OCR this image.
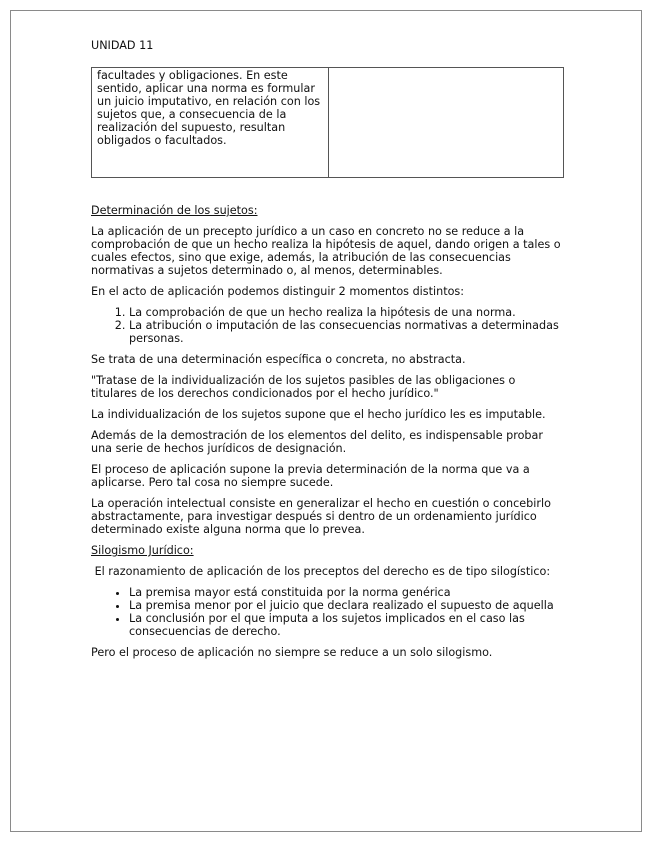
UNIDAD 11
facultades y obligaciones. En este sentido, aplicar una norma es formular un juicio imputativo, en relación con los sujetos que, a consecuencia de la realización del supuesto, resultan obligados o facultados.	
Determinación de los sujetos:

La aplicación de un precepto jurídico a un caso en concreto no se reduce a la comprobación de que un hecho realiza la hipótesis de aquel, dando origen a tales o cuales efectos, sino que exige, además, la atribución de las consecuencias normativas a sujetos determinado o, al menos, determinables.

En el acto de aplicación podemos distinguir 2 momentos distintos:

1. La comprobación de que un hecho realiza la hipótesis de una norma.
2. La atribución o imputación de las consecuencias normativas a determinadas personas.

Se trata de una determinación específica o concreta, no abstracta.

"Tratase de la individualización de los sujetos pasibles de las obligaciones o titulares de los derechos condicionados por el hecho jurídico."

La individualización de los sujetos supone que el hecho jurídico les es imputable.

Además de la demostración de los elementos del delito, es indispensable probar una serie de hechos jurídicos de designación.

El proceso de aplicación supone la previa determinación de la norma que va a aplicarse. Pero tal cosa no siempre sucede.

La operación intelectual consiste en generalizar el hecho en cuestión o concebirlo abstractamente, para investigar después si dentro de un ordenamiento jurídico determinado existe alguna norma que lo prevea.

Silogismo Jurídico:

El razonamiento de aplicación de los preceptos del derecho es de tipo silogístico:

• La premisa mayor está constituida por la norma genérica
• La premisa menor por el juicio que declara realizado el supuesto de aquella
• La conclusión por el que imputa a los sujetos implicados en el caso las consecuencias de derecho.

Pero el proceso de aplicación no siempre se reduce a un solo silogismo.
